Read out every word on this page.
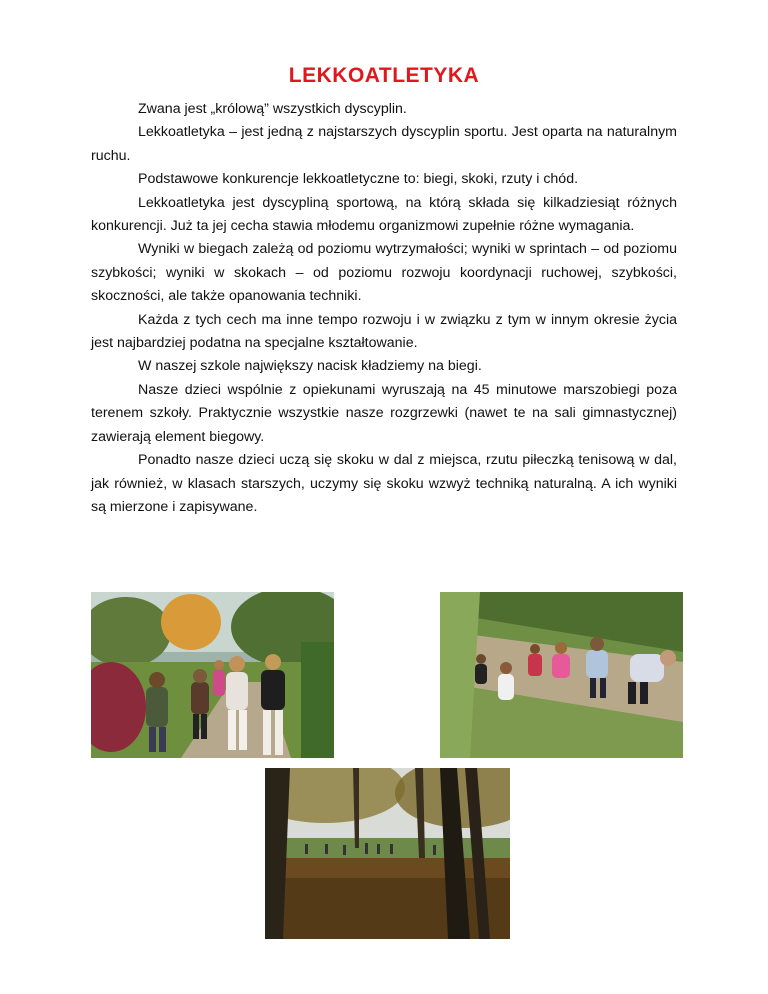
LEKKOATLETYKA

Zwana jest „królową” wszystkich dyscyplin.

Lekkoatletyka – jest jedną z najstarszych dyscyplin sportu. Jest oparta na naturalnym ruchu.

Podstawowe konkurencje lekkoatletyczne to: biegi, skoki, rzuty i chód.

Lekkoatletyka jest dyscypliną sportową, na którą składa się kilkadziesiąt różnych konkurencji. Już ta jej cecha stawia młodemu organizmowi zupełnie różne wymagania.

Wyniki w biegach zależą od poziomu wytrzymałości; wyniki w sprintach – od poziomu szybkości; wyniki w skokach – od poziomu rozwoju koordynacji ruchowej, szybkości, skoczności, ale także opanowania techniki.

Każda z tych cech ma inne tempo rozwoju i w związku z tym w innym okresie życia jest najbardziej podatna na specjalne kształtowanie.

W naszej szkole największy nacisk kładziemy na biegi.

Nasze dzieci wspólnie z opiekunami wyruszają na 45 minutowe marszobiegi poza terenem szkoły. Praktycznie wszystkie nasze rozgrzewki (nawet te na sali gimnastycznej) zawierają element biegowy.

Ponadto nasze dzieci uczą się skoku w dal z miejsca, rzutu piłeczką tenisową w dal, jak również, w klasach starszych, uczymy się skoku wzwyż techniką naturalną. A ich wyniki są mierzone i zapisywane.
